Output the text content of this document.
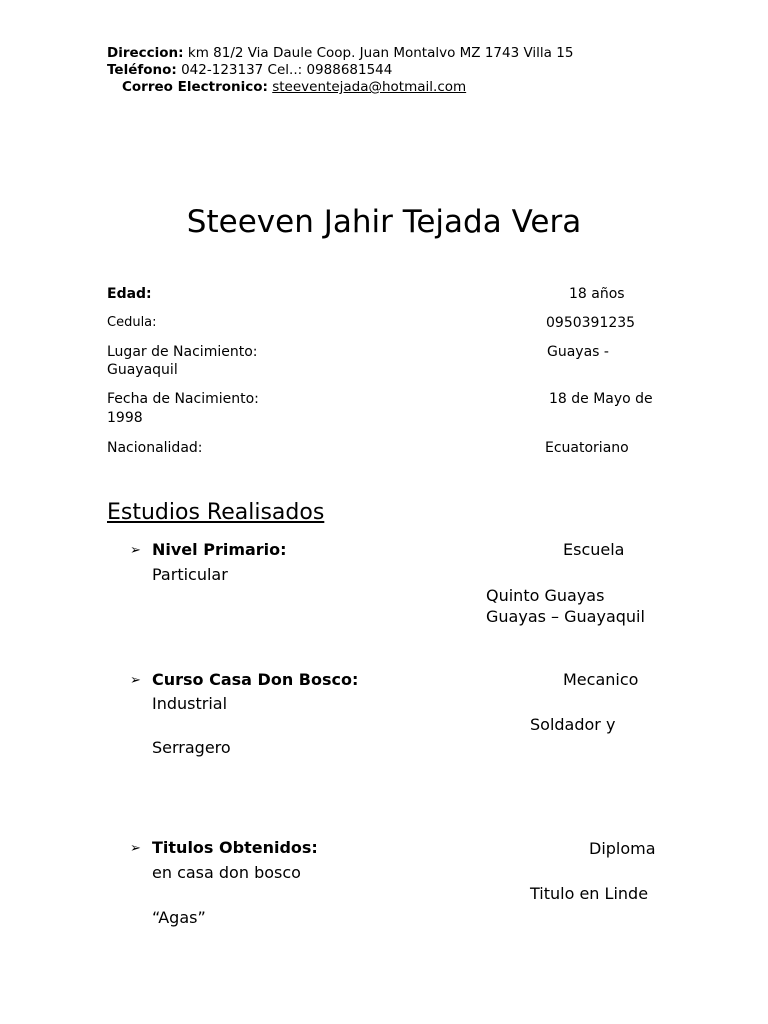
Direccion: km 81/2 Via Daule Coop. Juan Montalvo MZ 1743 Villa 15
Teléfono: 042-123137 Cel..: 0988681544
Correo Electronico: steeventejada@hotmail.com
Steeven Jahir Tejada Vera
Edad:	18 años
Cedula:	0950391235
Lugar de Nacimiento:	Guayas -
Guayaquil
Fecha de Nacimiento:	18 de Mayo de
1998
Nacionalidad:	Ecuatoriano
Estudios Realisados
➢ Nivel Primario:	Escuela
Particular
Quinto Guayas
Guayas – Guayaquil
➢ Curso Casa Don Bosco:	Mecanico
Industrial
Soldador y
Serragero
➢ Titulos Obtenidos:	Diploma
en casa don bosco
Titulo en Linde
“Agas”
